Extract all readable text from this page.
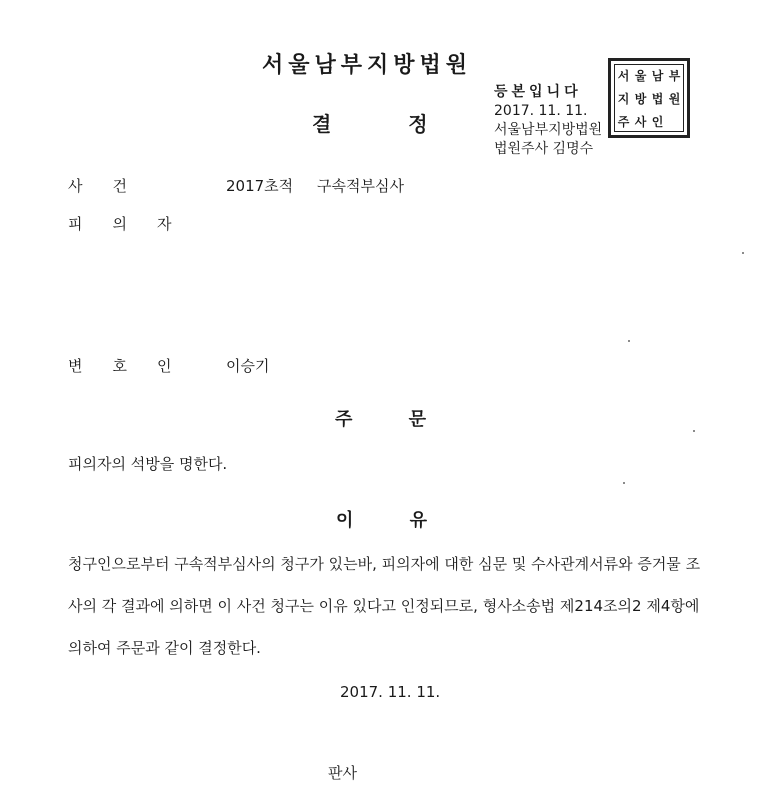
서울남부지방법원
결 정
등본입니다
2017. 11. 11.
서울남부지방법원
법원주사 김명수
서 울 남 부
지 방 법 원
주 사 인
사건	2017초적 구속적부심사
피의자
변호인 이승기
주 문
피의자의 석방을 명한다.
이 유
청구인으로부터 구속적부심사의 청구가 있는바, 피의자에 대한 심문 및 수사관계서류와 증거물 조사의 각 결과에 의하면 이 사건 청구는 이유 있다고 인정되므로, 형사소송법 제214조의2 제4항에 의하여 주문과 같이 결정한다.
2017. 11. 11.
판사
